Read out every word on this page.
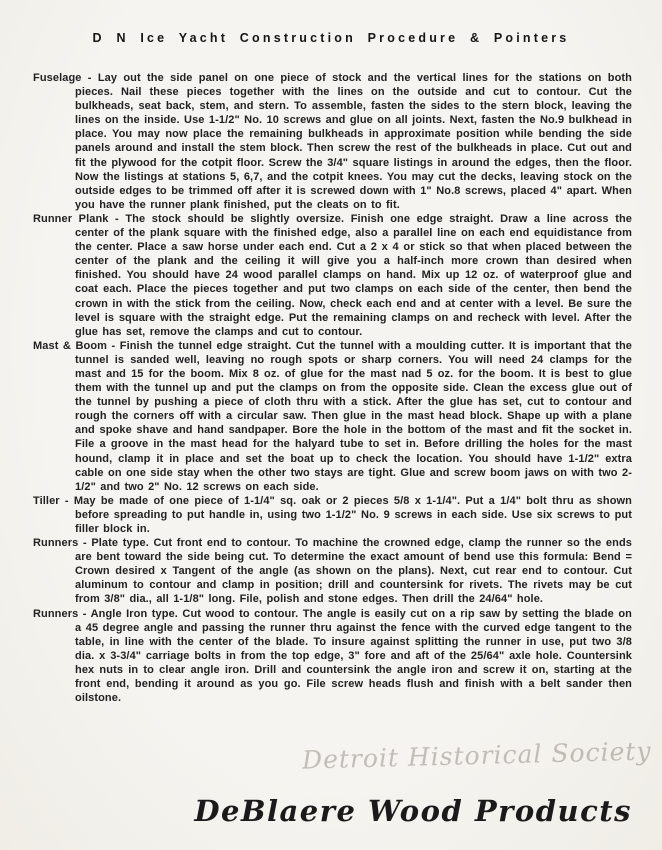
D N Ice Yacht Construction Procedure & Pointers

Fuselage - Lay out the side panel on one piece of stock and the vertical lines for the stations on both pieces. Nail these pieces together with the lines on the outside and cut to contour. Cut the bulkheads, seat back, stem, and stern. To assemble, fasten the sides to the stern block, leaving the lines on the inside. Use 1-1/2" No. 10 screws and glue on all joints. Next, fasten the No.9 bulkhead in place. You may now place the remaining bulkheads in approximate position while bending the side panels around and install the stem block. Then screw the rest of the bulkheads in place. Cut out and fit the plywood for the cotpit floor. Screw the 3/4" square listings in around the edges, then the floor. Now the listings at stations 5, 6,7, and the cotpit knees. You may cut the decks, leaving stock on the outside edges to be trimmed off after it is screwed down with 1" No.8 screws, placed 4" apart. When you have the runner plank finished, put the cleats on to fit.

Runner Plank - The stock should be slightly oversize. Finish one edge straight. Draw a line across the center of the plank square with the finished edge, also a parallel line on each end equidistance from the center. Place a saw horse under each end. Cut a 2 x 4 or stick so that when placed between the center of the plank and the ceiling it will give you a half-inch more crown than desired when finished. You should have 24 wood parallel clamps on hand. Mix up 12 oz. of waterproof glue and coat each. Place the pieces together and put two clamps on each side of the center, then bend the crown in with the stick from the ceiling. Now, check each end and at center with a level. Be sure the level is square with the straight edge. Put the remaining clamps on and recheck with level. After the glue has set, remove the clamps and cut to contour.

Mast & Boom - Finish the tunnel edge straight. Cut the tunnel with a moulding cutter. It is important that the tunnel is sanded well, leaving no rough spots or sharp corners. You will need 24 clamps for the mast and 15 for the boom. Mix 8 oz. of glue for the mast nad 5 oz. for the boom. It is best to glue them with the tunnel up and put the clamps on from the opposite side. Clean the excess glue out of the tunnel by pushing a piece of cloth thru with a stick. After the glue has set, cut to contour and rough the corners off with a circular saw. Then glue in the mast head block. Shape up with a plane and spoke shave and hand sandpaper. Bore the hole in the bottom of the mast and fit the socket in. File a groove in the mast head for the halyard tube to set in. Before drilling the holes for the mast hound, clamp it in place and set the boat up to check the location. You should have 1-1/2" extra cable on one side stay when the other two stays are tight. Glue and screw boom jaws on with two 2-1/2" and two 2" No. 12 screws on each side.

Tiller - May be made of one piece of 1-1/4" sq. oak or 2 pieces 5/8 x 1-1/4". Put a 1/4" bolt thru as shown before spreading to put handle in, using two 1-1/2" No. 9 screws in each side. Use six screws to put filler block in.

Runners - Plate type. Cut front end to contour. To machine the crowned edge, clamp the runner so the ends are bent toward the side being cut. To determine the exact amount of bend use this formula: Bend = Crown desired x Tangent of the angle (as shown on the plans). Next, cut rear end to contour. Cut aluminum to contour and clamp in position; drill and countersink for rivets. The rivets may be cut from 3/8" dia., all 1-1/8" long. File, polish and stone edges. Then drill the 24/64" hole.

Runners - Angle Iron type. Cut wood to contour. The angle is easily cut on a rip saw by setting the blade on a 45 degree angle and passing the runner thru against the fence with the curved edge tangent to the table, in line with the center of the blade. To insure against splitting the runner in use, put two 3/8 dia. x 3-3/4" carriage bolts in from the top edge, 3" fore and aft of the 25/64" axle hole. Countersink hex nuts in to clear angle iron. Drill and countersink the angle iron and screw it on, starting at the front end, bending it around as you go. File screw heads flush and finish with a belt sander then oilstone.

Detroit Historical Society
DeBlaere Wood Products
